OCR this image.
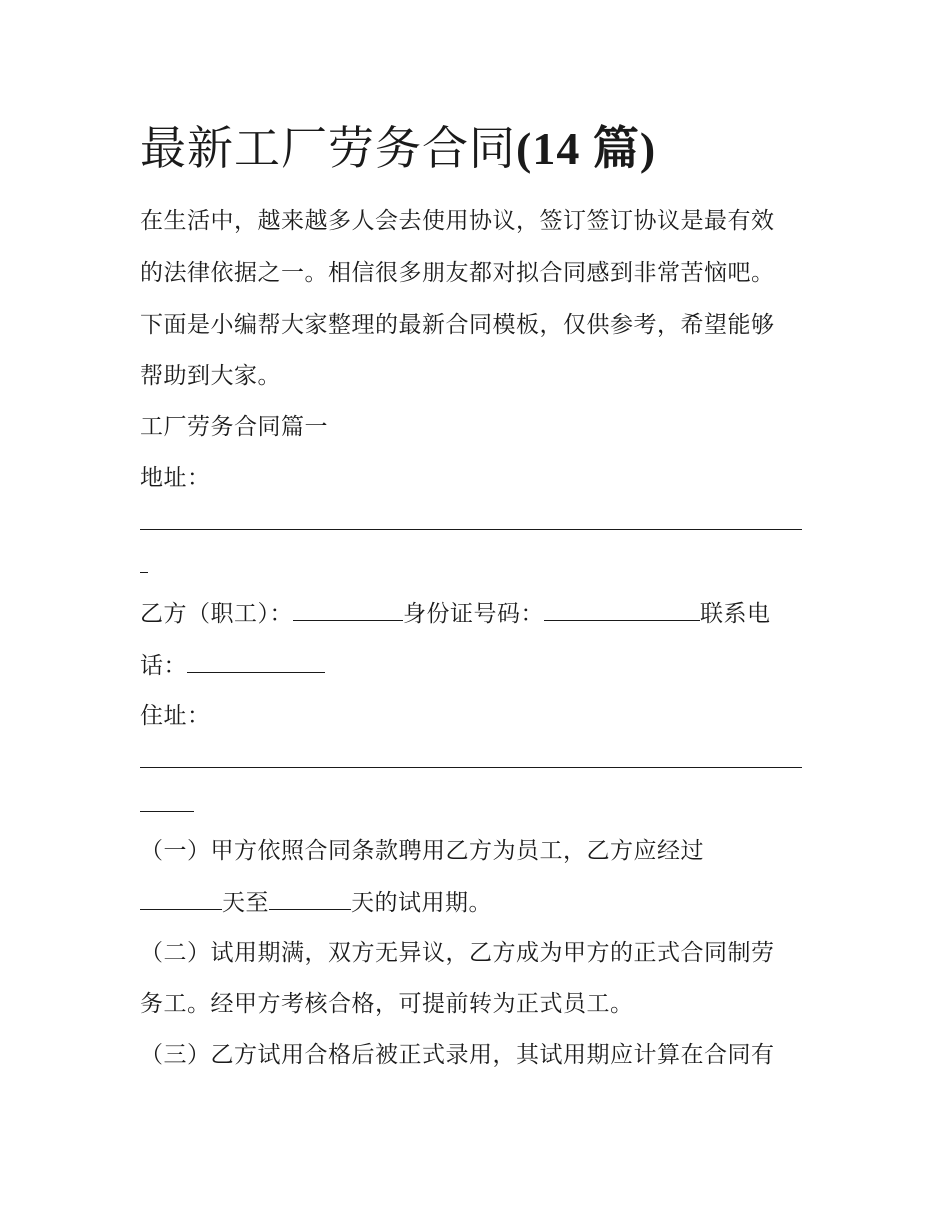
最新工厂劳务合同(14 篇)

在生活中，越来越多人会去使用协议，签订签订协议是最有效

的法律依据之一。相信很多朋友都对拟合同感到非常苦恼吧。

下面是小编帮大家整理的最新合同模板，仅供参考，希望能够

帮助到大家。

工厂劳务合同篇一

地址：

乙方（职工）：	身份证号码：	联系电

话：

住址：

（一）甲方依照合同条款聘用乙方为员工，乙方应经过

天至	天的试用期。

（二）试用期满，双方无异议，乙方成为甲方的正式合同制劳

务工。经甲方考核合格，可提前转为正式员工。

（三）乙方试用合格后被正式录用，其试用期应计算在合同有
